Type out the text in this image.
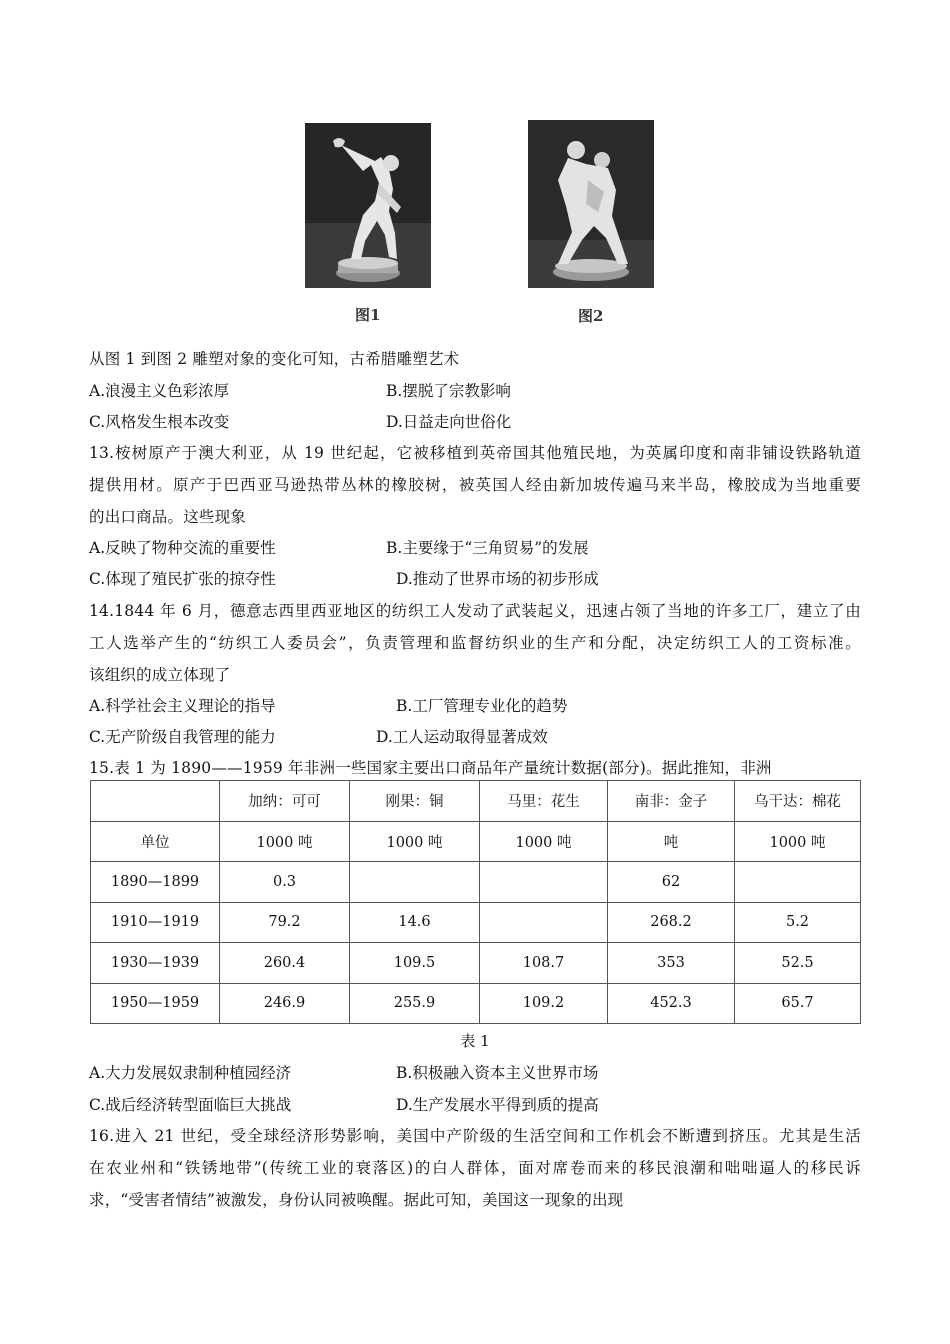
图1	图2
从图 1 到图 2 雕塑对象的变化可知，古希腊雕塑艺术
A.浪漫主义色彩浓厚	B.摆脱了宗教影响
C.风格发生根本改变	D.日益走向世俗化
13.桉树原产于澳大利亚，从 19 世纪起，它被移植到英帝国其他殖民地，为英属印度和南非铺设铁路轨道
提供用材。原产于巴西亚马逊热带丛林的橡胶树，被英国人经由新加坡传遍马来半岛，橡胶成为当地重要
的出口商品。这些现象
A.反映了物种交流的重要性	B.主要缘于“三角贸易”的发展
C.体现了殖民扩张的掠夺性	D.推动了世界市场的初步形成
14.1844 年 6 月，德意志西里西亚地区的纺织工人发动了武装起义，迅速占领了当地的许多工厂，建立了由
工人选举产生的“纺织工人委员会”，负责管理和监督纺织业的生产和分配，决定纺织工人的工资标准。
该组织的成立体现了
A.科学社会主义理论的指导	B.工厂管理专业化的趋势
C.无产阶级自我管理的能力	D.工人运动取得显著成效
15.表 1 为 1890——1959 年非洲一些国家主要出口商品年产量统计数据(部分)。据此推知，非洲
	加纳：可可	刚果：铜	马里：花生	南非：金子	乌干达：棉花
单位	1000 吨	1000 吨	1000 吨	吨	1000 吨
1890—1899	0.3			62	
1910—1919	79.2	14.6		268.2	5.2
1930—1939	260.4	109.5	108.7	353	52.5
1950—1959	246.9	255.9	109.2	452.3	65.7
表 1
A.大力发展奴隶制种植园经济	B.积极融入资本主义世界市场
C.战后经济转型面临巨大挑战	D.生产发展水平得到质的提高
16.进入 21 世纪，受全球经济形势影响，美国中产阶级的生活空间和工作机会不断遭到挤压。尤其是生活
在农业州和“铁锈地带”(传统工业的衰落区)的白人群体，面对席卷而来的移民浪潮和咄咄逼人的移民诉
求，“受害者情结”被激发，身份认同被唤醒。据此可知，美国这一现象的出现
